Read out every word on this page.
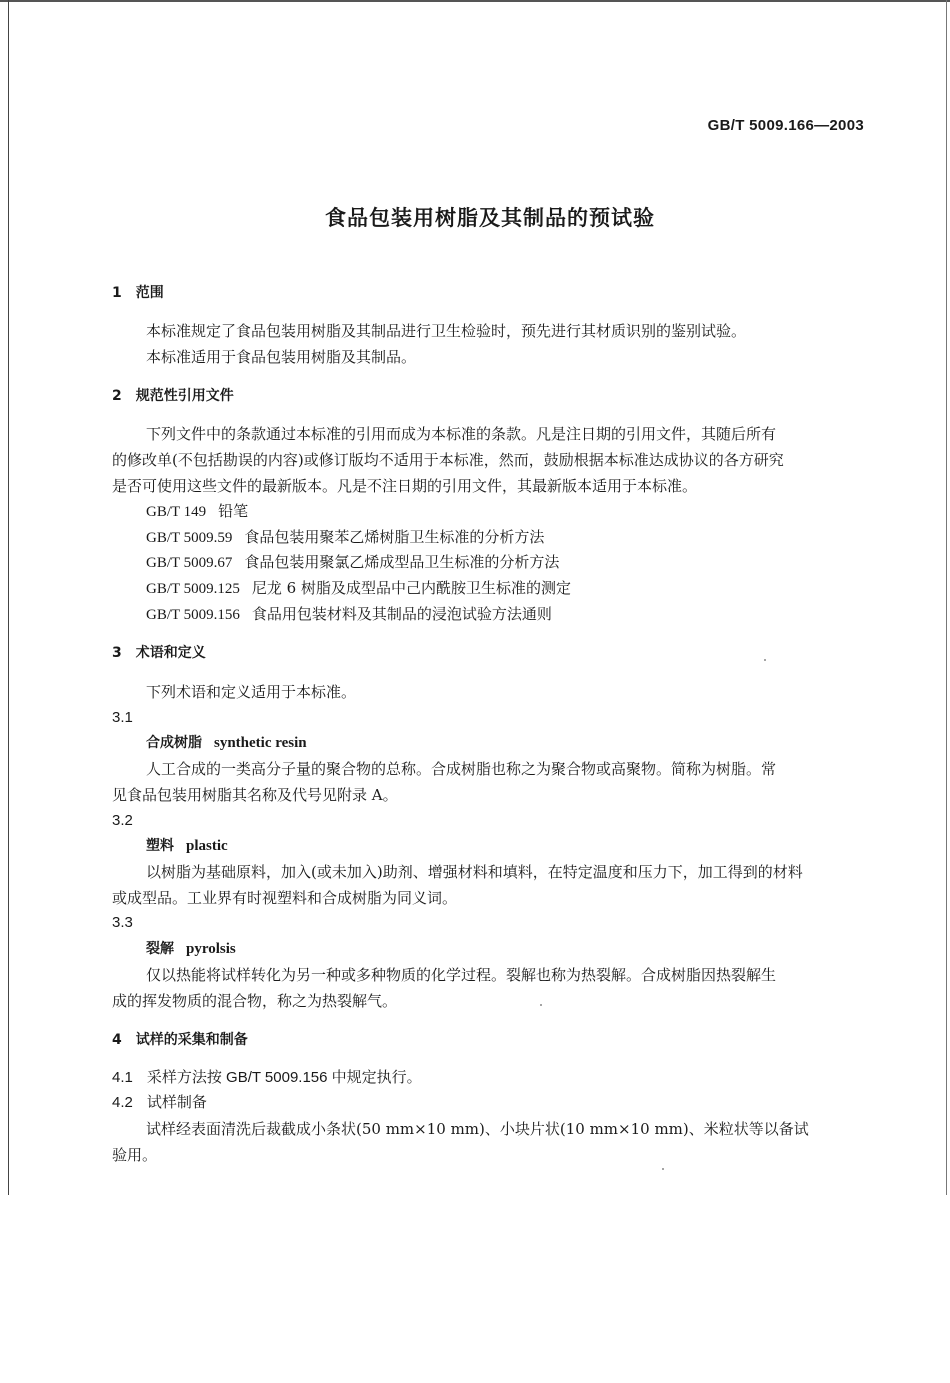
GB/T 5009.166—2003
食品包装用树脂及其制品的预试验
1 范围
本标准规定了食品包装用树脂及其制品进行卫生检验时，预先进行其材质识别的鉴别试验。
本标准适用于食品包装用树脂及其制品。
2 规范性引用文件
下列文件中的条款通过本标准的引用而成为本标准的条款。凡是注日期的引用文件，其随后所有
的修改单(不包括勘误的内容)或修订版均不适用于本标准，然而，鼓励根据本标准达成协议的各方研究
是否可使用这些文件的最新版本。凡是不注日期的引用文件，其最新版本适用于本标准。
GB/T 149 铅笔
GB/T 5009.59 食品包装用聚苯乙烯树脂卫生标准的分析方法
GB/T 5009.67 食品包装用聚氯乙烯成型品卫生标准的分析方法
GB/T 5009.125 尼龙 6 树脂及成型品中己内酰胺卫生标准的测定
GB/T 5009.156 食品用包装材料及其制品的浸泡试验方法通则
3 术语和定义
下列术语和定义适用于本标准。
3.1
合成树脂 synthetic resin
人工合成的一类高分子量的聚合物的总称。合成树脂也称之为聚合物或高聚物。简称为树脂。常
见食品包装用树脂其名称及代号见附录 A。
3.2
塑料 plastic
以树脂为基础原料，加入(或未加入)助剂、增强材料和填料，在特定温度和压力下，加工得到的材料
或成型品。工业界有时视塑料和合成树脂为同义词。
3.3
裂解 pyrolsis
仅以热能将试样转化为另一种或多种物质的化学过程。裂解也称为热裂解。合成树脂因热裂解生
成的挥发物质的混合物，称之为热裂解气。
4 试样的采集和制备
4.1 采样方法按 GB/T 5009.156 中规定执行。
4.2 试样制备
试样经表面清洗后裁截成小条状(50 mm×10 mm)、小块片状(10 mm×10 mm)、米粒状等以备试
验用。
